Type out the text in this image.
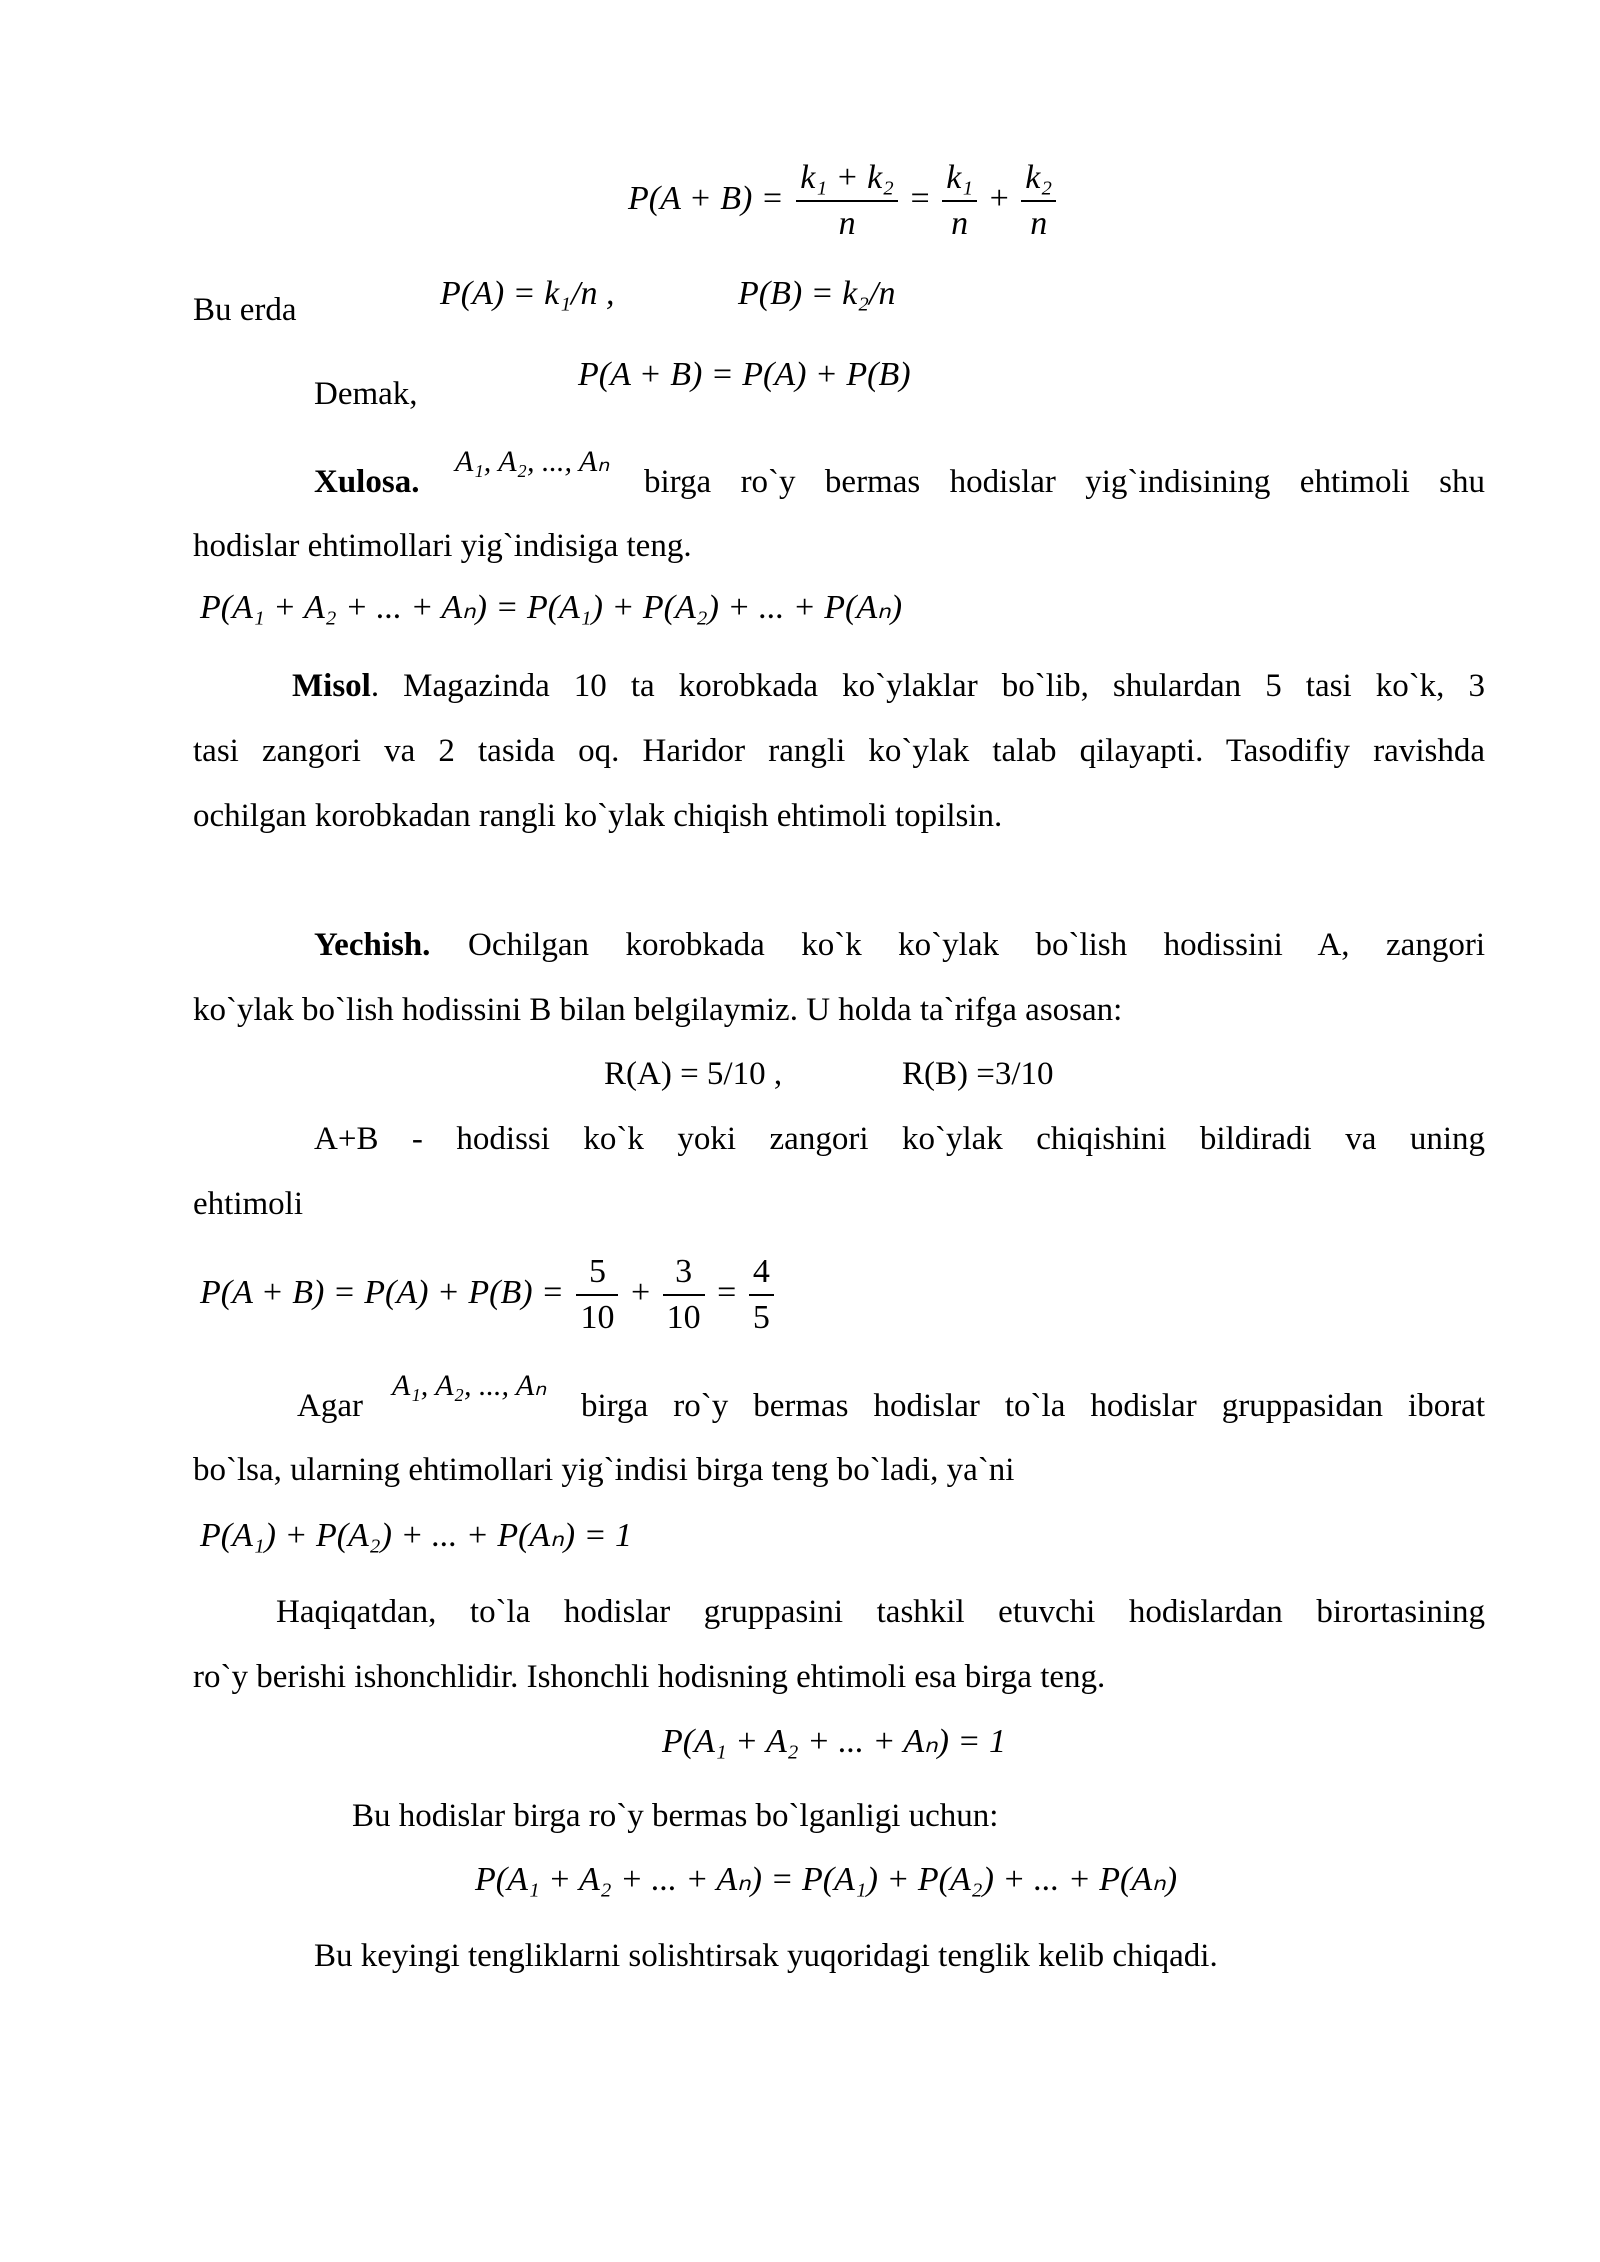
$P(A + B) = \frac{\text{k₁ + k₂}}{n} = \frac{\text{k₁}}{n} + \frac{\text{k₂}}{n}$
Bu erda	P(A) = k₁/n ,	P(B) = k₂/n
Demak,
P(A + B) = P(A) + P(B)
Xulosa.
A₁, A₂, ..., Aₙ
birga ro`y bermas hodislar yig`indisining ehtimoli shu
hodislar ehtimollari yig`indisiga teng.
P(A₁ + A₂ + ... + Aₙ) = P(A₁) + P(A₂) + ... + P(Aₙ)
Misol. Magazinda 10 ta korobkada ko`ylaklar bo`lib, shulardan 5 tasi ko`k, 3
tasi zangori va 2 tasida oq. Haridor rangli ko`ylak talab qilayapti. Tasodifiy ravishda
ochilgan korobkadan rangli ko`ylak chiqish ehtimoli topilsin.
Yechish. Ochilgan korobkada ko`k ko`ylak bo`lish hodissini A, zangori
ko`ylak bo`lish hodissini B bilan belgilaymiz. U holda ta`rifga asosan:
R(A) = 5/10 ,	R(B) =3/10
A+B - hodissi ko`k yoki zangori ko`ylak chiqishini bildiradi va uning
ehtimoli
$P(A + B) = P(A) + P(B) = \frac{5}{10} + \frac{3}{10} = \frac{4}{5}$
Agar
A₁, A₂, ..., Aₙ
birga ro`y bermas hodislar to`la hodislar gruppasidan iborat
bo`lsa, ularning ehtimollari yig`indisi birga teng bo`ladi, ya`ni
P(A₁) + P(A₂) + ... + P(Aₙ) = 1
Haqiqatdan, to`la hodislar gruppasini tashkil etuvchi hodislardan birortasining
ro`y berishi ishonchlidir. Ishonchli hodisning ehtimoli esa birga teng.
P(A₁ + A₂ + ... + Aₙ) = 1
Bu hodislar birga ro`y bermas bo`lganligi uchun:
P(A₁ + A₂ + ... + Aₙ) = P(A₁) + P(A₂) + ... + P(Aₙ)
Bu keyingi tengliklarni solishtirsak yuqoridagi tenglik kelib chiqadi.
